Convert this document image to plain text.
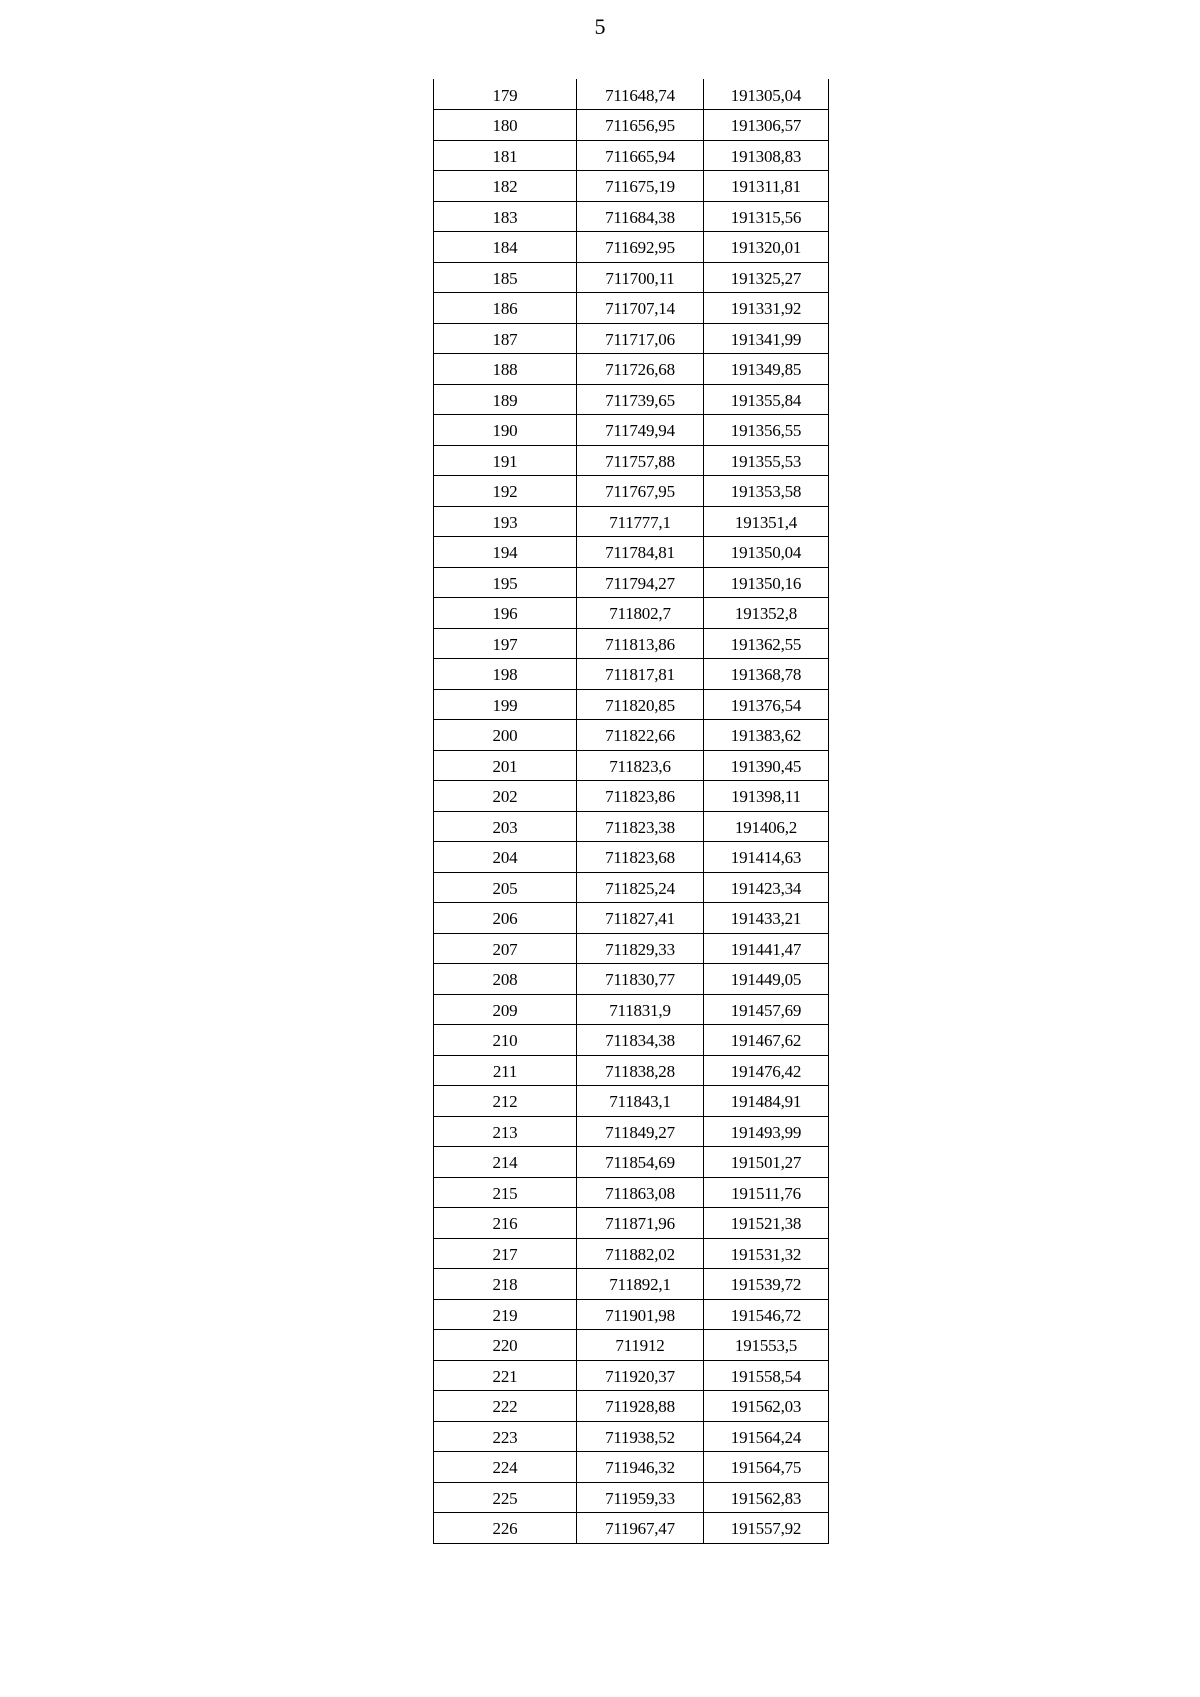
5
179	711648,74	191305,04
180	711656,95	191306,57
181	711665,94	191308,83
182	711675,19	191311,81
183	711684,38	191315,56
184	711692,95	191320,01
185	711700,11	191325,27
186	711707,14	191331,92
187	711717,06	191341,99
188	711726,68	191349,85
189	711739,65	191355,84
190	711749,94	191356,55
191	711757,88	191355,53
192	711767,95	191353,58
193	711777,1	191351,4
194	711784,81	191350,04
195	711794,27	191350,16
196	711802,7	191352,8
197	711813,86	191362,55
198	711817,81	191368,78
199	711820,85	191376,54
200	711822,66	191383,62
201	711823,6	191390,45
202	711823,86	191398,11
203	711823,38	191406,2
204	711823,68	191414,63
205	711825,24	191423,34
206	711827,41	191433,21
207	711829,33	191441,47
208	711830,77	191449,05
209	711831,9	191457,69
210	711834,38	191467,62
211	711838,28	191476,42
212	711843,1	191484,91
213	711849,27	191493,99
214	711854,69	191501,27
215	711863,08	191511,76
216	711871,96	191521,38
217	711882,02	191531,32
218	711892,1	191539,72
219	711901,98	191546,72
220	711912	191553,5
221	711920,37	191558,54
222	711928,88	191562,03
223	711938,52	191564,24
224	711946,32	191564,75
225	711959,33	191562,83
226	711967,47	191557,92
